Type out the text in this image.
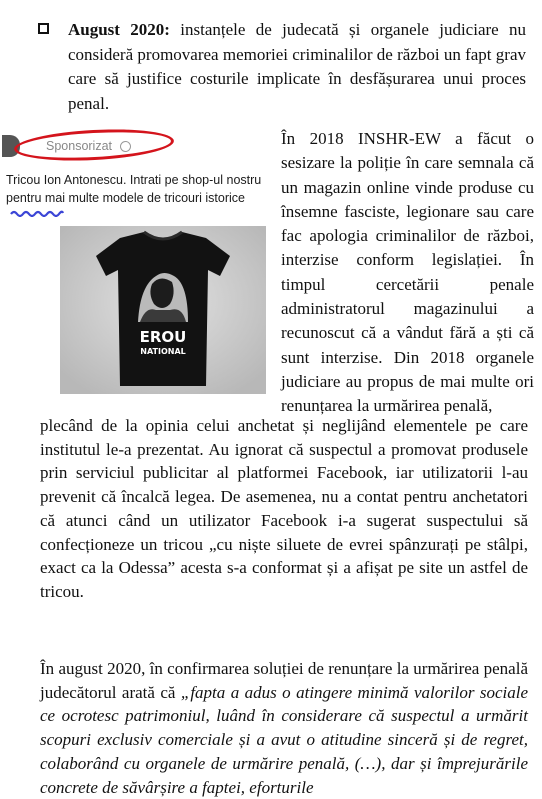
August 2020: instanțele de judecată și organele judiciare nu consideră promovarea memoriei criminalilor de război un fapt grav care să justifice costurile implicate în desfășurarea unui proces penal.

Sponsorizat
Tricou Ion Antonescu. Intrati pe shop-ul nostru pentru mai multe modele de tricouri istorice
EROU
NATIONAL

În 2018 INSHR-EW a făcut o sesizare la poliție în care semnala că un magazin online vinde produse cu însemne fasciste, legionare sau care fac apologia criminalilor de război, interzise conform legislației. În timpul cercetării penale administratorul magazinului a recunoscut că a vândut fără a ști că sunt interzise. Din 2018 organele judiciare au propus de mai multe ori renunțarea la urmărirea penală,

plecând de la opinia celui anchetat și neglijând elementele pe care institutul le-a prezentat. Au ignorat că suspectul a promovat produsele prin serviciul publicitar al platformei Facebook, iar utilizatorii l-au prevenit că încalcă legea. De asemenea, nu a contat pentru anchetatori că atunci când un utilizator Facebook i-a sugerat suspectului să confecționeze un tricou „cu niște siluete de evrei spânzurați pe stâlpi, exact ca la Odessa” acesta s-a conformat și a afișat pe site un astfel de tricou.

În august 2020, în confirmarea soluției de renunțare la urmărirea penală judecătorul arată că „fapta a adus o atingere minimă valorilor sociale ce ocrotesc patrimoniul, luând în considerare că suspectul a urmărit scopuri exclusiv comerciale și a avut o atitudine sinceră și de regret, colaborând cu organele de urmărire penală, (…), dar și împrejurările concrete de săvârșire a faptei, eforturile
